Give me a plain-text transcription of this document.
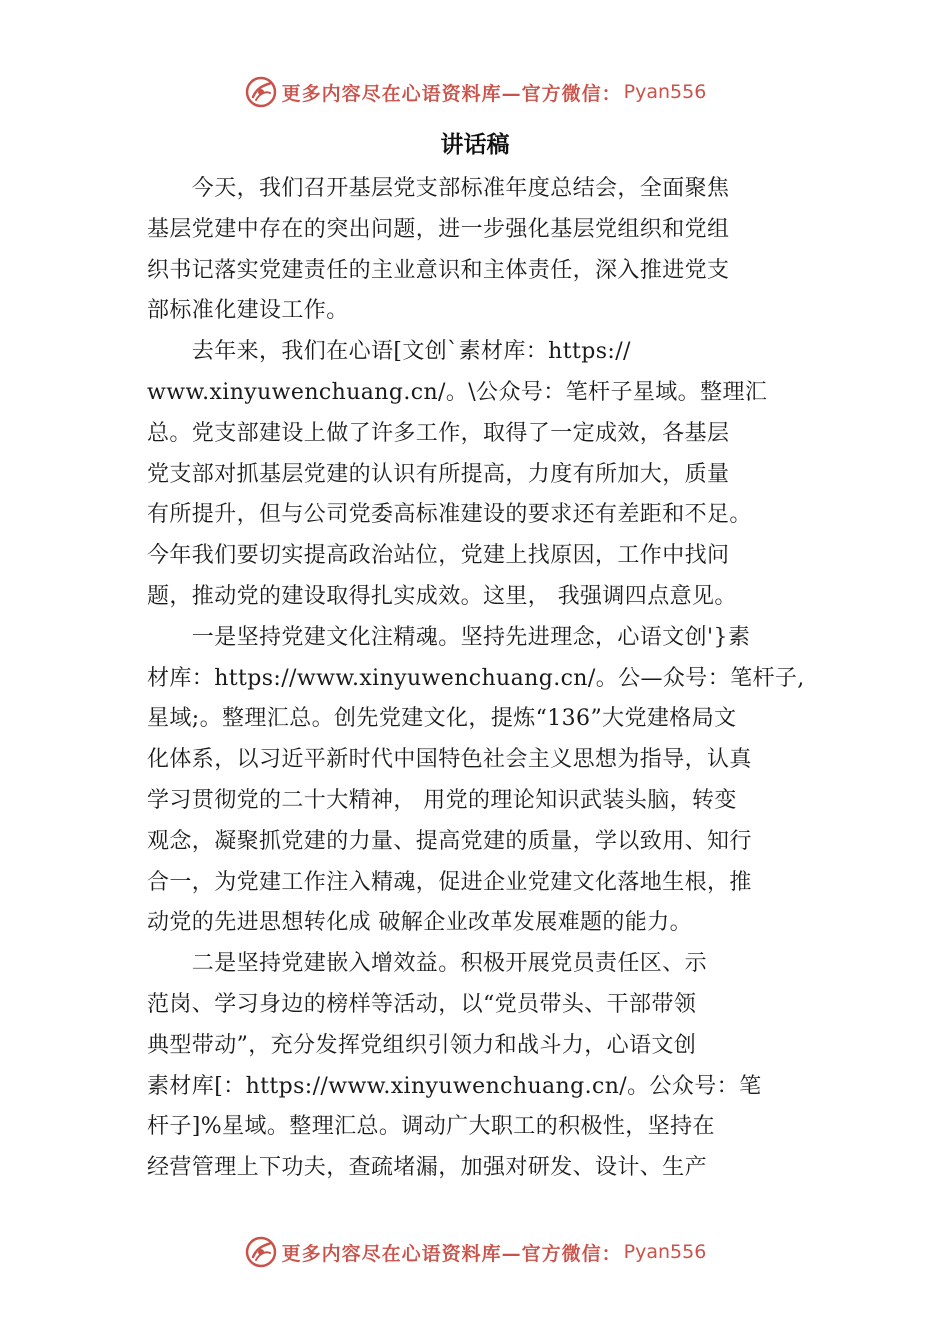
更多内容尽在心语资料库—官方微信： Pyan556
讲话稿
　　今天，我们召开基层党支部标准年度总结会，全面聚焦
基层党建中存在的突出问题，进一步强化基层党组织和党组
织书记落实党建责任的主业意识和主体责任，深入推进党支
部标准化建设工作。
　　去年来，我们在心语[文创`素材库：https://
www.xinyuwenchuang.cn/。\公众号：笔杆子星域。整理汇
总。党支部建设上做了许多工作，取得了一定成效，各基层
党支部对抓基层党建的认识有所提高，力度有所加大，质量
有所提升，但与公司党委高标准建设的要求还有差距和不足。
今年我们要切实提高政治站位，党建上找原因，工作中找问
题，推动党的建设取得扎实成效。这里， 我强调四点意见。
　　一是坚持党建文化注精魂。坚持先进理念，心语文创'}素
材库：https://www.xinyuwenchuang.cn/。公—众号：笔杆子,
星域;。整理汇总。创先党建文化，提炼“136”大党建格局文
化体系，以习近平新时代中国特色社会主义思想为指导，认真
学习贯彻党的二十大精神， 用党的理论知识武装头脑，转变
观念，凝聚抓党建的力量、提高党建的质量，学以致用、知行
合一，为党建工作注入精魂，促进企业党建文化落地生根，推
动党的先进思想转化成 破解企业改革发展难题的能力。
　　二是坚持党建嵌入增效益。积极开展党员责任区、示
范岗、学习身边的榜样等活动，以“党员带头、干部带领
典型带动”，充分发挥党组织引领力和战斗力，心语文创
素材库[：https://www.xinyuwenchuang.cn/。公众号：笔
杆子]%星域。整理汇总。调动广大职工的积极性，坚持在
经营管理上下功夫，查疏堵漏，加强对研发、设计、生产
更多内容尽在心语资料库—官方微信： Pyan556
